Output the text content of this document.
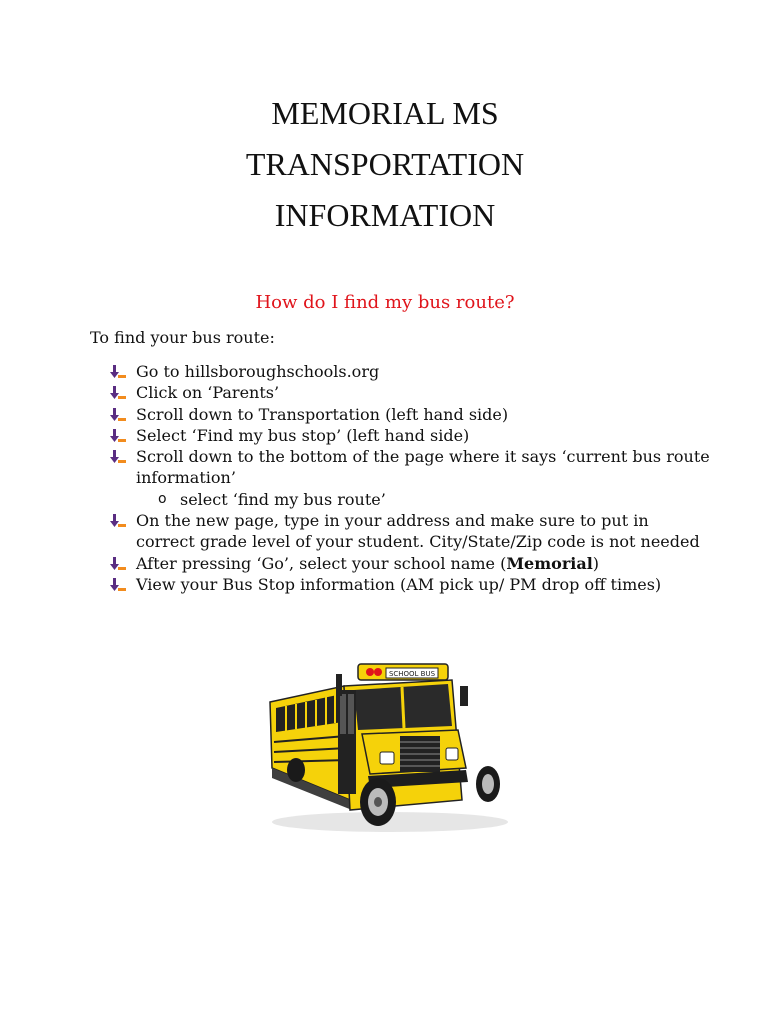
MEMORIAL MS
TRANSPORTATION
INFORMATION
How do I find my bus route?
To find your bus route:
Go to hillsboroughschools.org
Click on ‘Parents’
Scroll down to Transportation (left hand side)
Select ‘Find my bus stop’ (left hand side)
Scroll down to the bottom of the page where it says ‘current bus route information’
o select ‘find my bus route’
On the new page, type in your address and make sure to put in correct grade level of your student. City/State/Zip code is not needed
After pressing ‘Go’, select your school name (Memorial)
View your Bus Stop information (AM pick up/ PM drop off times)
SCHOOL BUS
